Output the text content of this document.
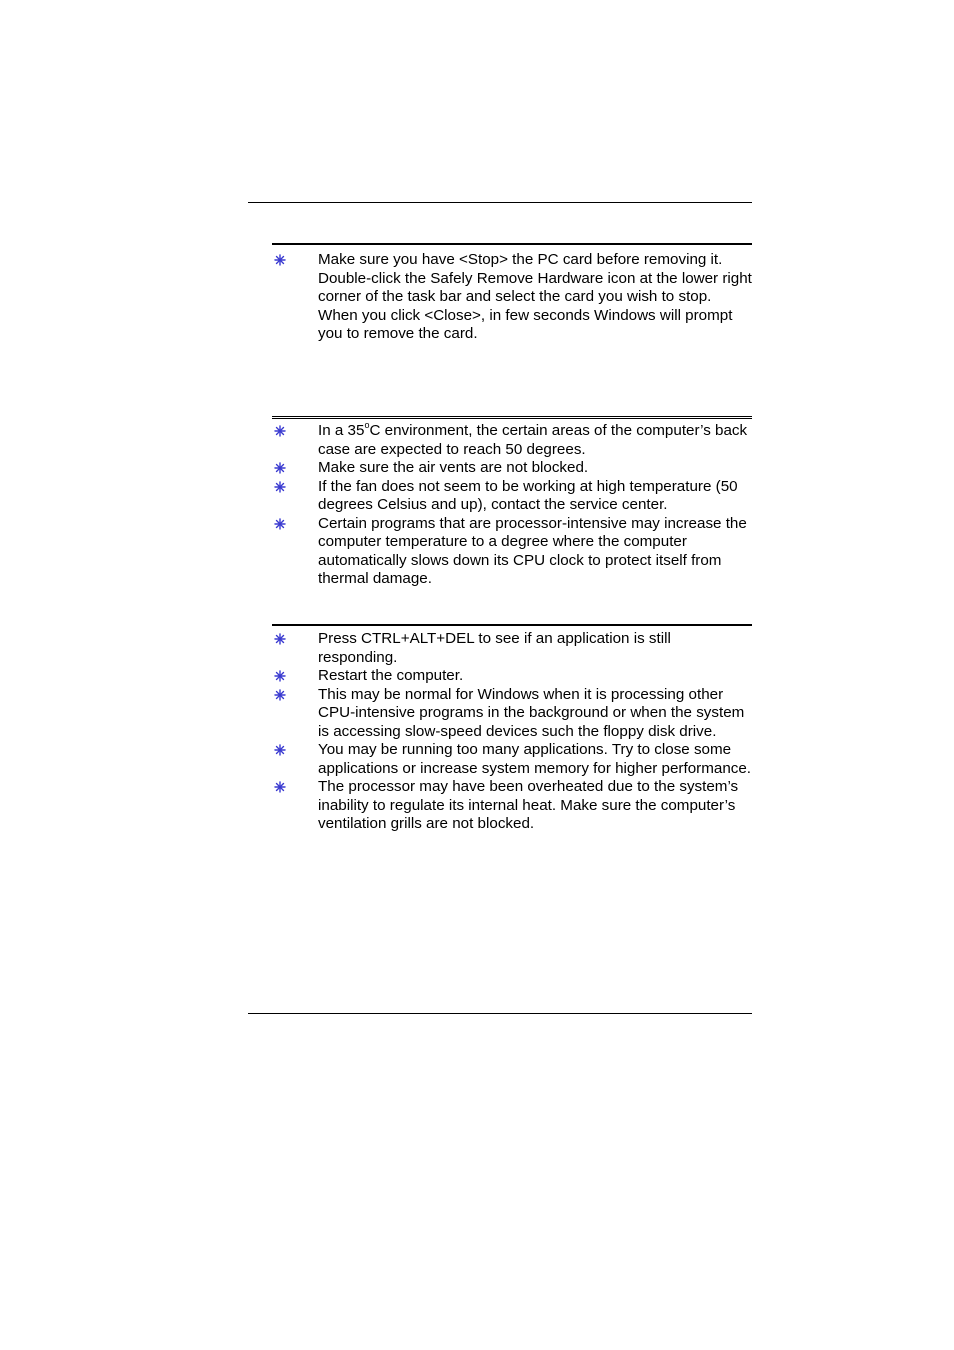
Make sure you have <Stop> the PC card before removing it. Double-click the Safely Remove Hardware icon at the lower right corner of the task bar and select the card you wish to stop. When you click <Close>, in few seconds Windows will prompt you to remove the card.
In a 35$^o$C environment, the certain areas of the computer’s back case are expected to reach 50 degrees.
Make sure the air vents are not blocked.
If the fan does not seem to be working at high temperature (50 degrees Celsius and up), contact the service center.
Certain programs that are processor-intensive may increase the computer temperature to a degree where the computer automatically slows down its CPU clock to protect itself from thermal damage.
Press CTRL+ALT+DEL to see if an application is still responding.
Restart the computer.
This may be normal for Windows when it is processing other CPU-intensive programs in the background or when the system is accessing slow-speed devices such the floppy disk drive.
You may be running too many applications. Try to close some applications or increase system memory for higher performance.
The processor may have been overheated due to the system’s inability to regulate its internal heat. Make sure the computer’s ventilation grills are not blocked.
